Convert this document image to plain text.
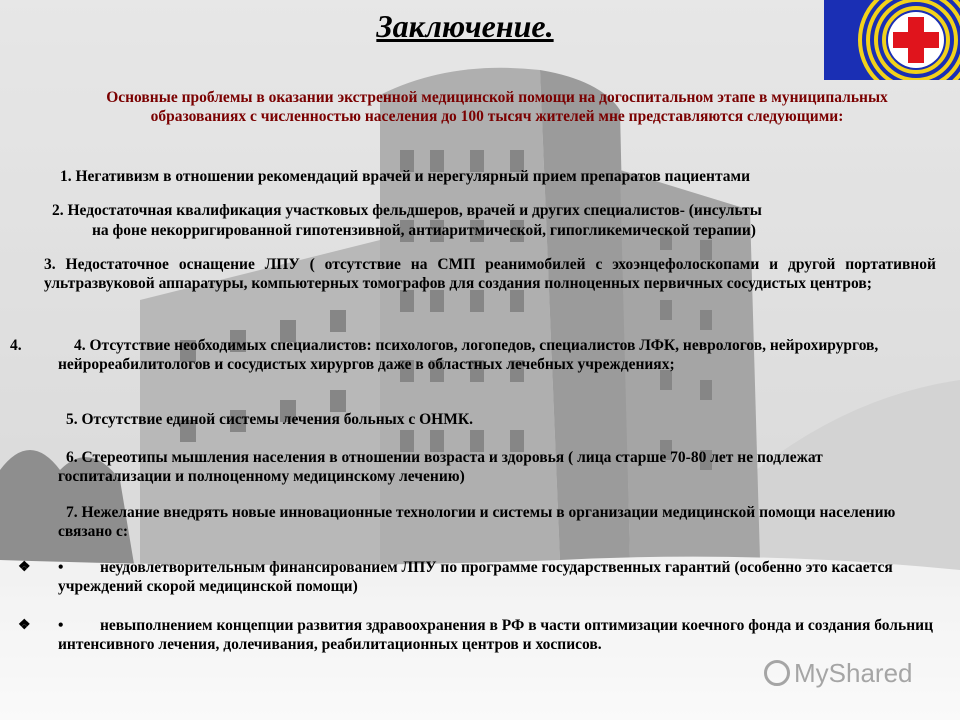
Заключение.
Основные проблемы в оказании экстренной медицинской помощи на догоспитальном этапе в муниципальных образованиях с численностью населения до 100 тысяч жителей мне представляются следующими:
1. Негативизм в отношении рекомендаций врачей и нерегулярный прием препаратов пациентами
2. Недостаточная квалификация участковых фельдшеров, врачей и других специалистов- (инсульты
на фоне некорригированной гипотензивной, антиаритмической, гипогликемической терапии)
3. Недостаточное оснащение ЛПУ ( отсутствие на СМП реанимобилей с эхоэнцефолоскопами и другой портативной ультразвуковой аппаратуры, компьютерных томографов для создания полноценных первичных сосудистых центров;
4.	4. Отсутствие необходимых специалистов: психологов, логопедов, специалистов ЛФК, неврологов, нейрохирургов, нейрореабилитологов и сосудистых хирургов даже в областных лечебных учреждениях;
5. Отсутствие единой системы лечения больных с ОНМК.
6. Стереотипы мышления населения в отношении возраста и здоровья ( лица старше 70-80 лет не подлежат госпитализации и полноценному медицинскому лечению)
7. Нежелание внедрять новые инновационные технологии и системы в организации медицинской помощи населению связано с:
❖ •	неудовлетворительным финансированием ЛПУ по программе государственных гарантий (особенно это касается учреждений скорой медицинской помощи)
❖ •	невыполнением концепции развития здравоохранения в РФ в части оптимизации коечного фонда и создания больниц интенсивного лечения, долечивания, реабилитационных центров и хосписов.
MyShared
